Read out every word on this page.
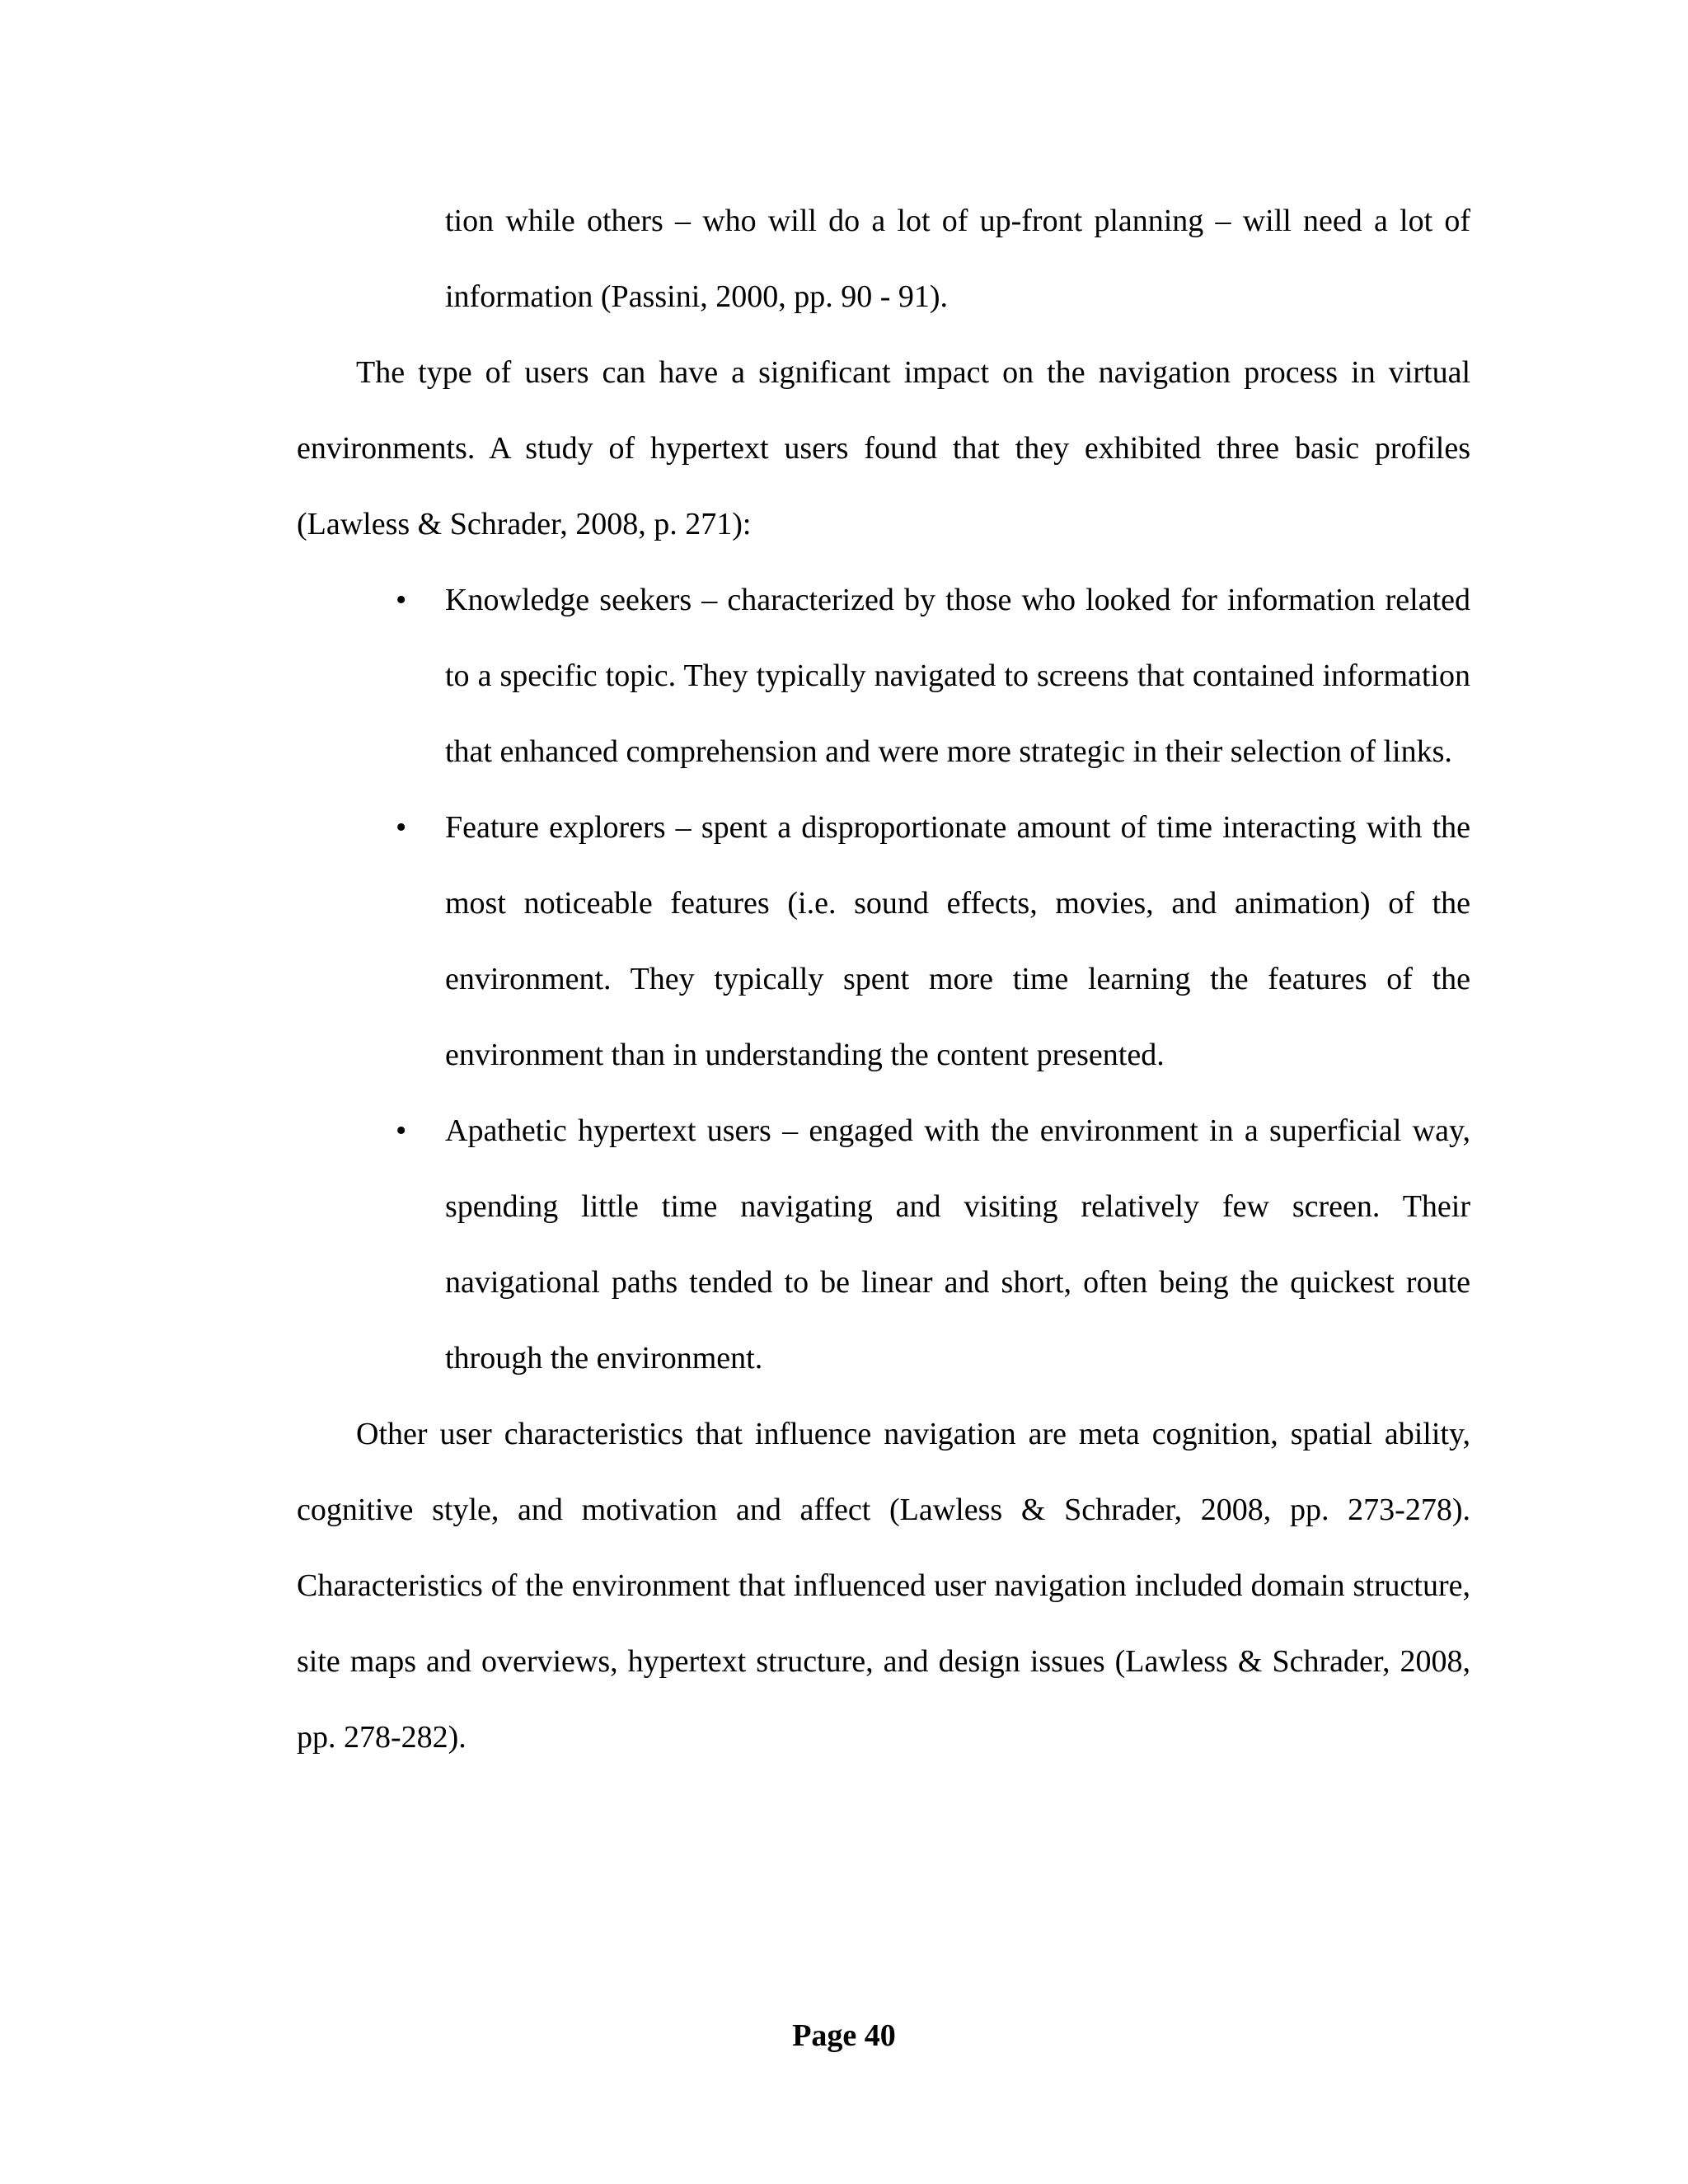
tion while others – who will do a lot of up-front planning – will need a lot of information (Passini, 2000, pp. 90 - 91).

The type of users can have a significant impact on the navigation process in virtual environments. A study of hypertext users found that they exhibited three basic profiles (Lawless & Schrader, 2008, p. 271):

•	Knowledge seekers – characterized by those who looked for information related to a specific topic. They typically navigated to screens that contained information that enhanced comprehension and were more strategic in their selection of links.
•	Feature explorers – spent a disproportionate amount of time interacting with the most noticeable features (i.e. sound effects, movies, and animation) of the environment. They typically spent more time learning the features of the environment than in understanding the content presented.
•	Apathetic hypertext users – engaged with the environment in a superficial way, spending little time navigating and visiting relatively few screen. Their navigational paths tended to be linear and short, often being the quickest route through the environment.

Other user characteristics that influence navigation are meta cognition, spatial ability, cognitive style, and motivation and affect (Lawless & Schrader, 2008, pp. 273-278). Characteristics of the environment that influenced user navigation included domain structure, site maps and overviews, hypertext structure, and design issues (Lawless & Schrader, 2008, pp. 278-282).

Page 40
